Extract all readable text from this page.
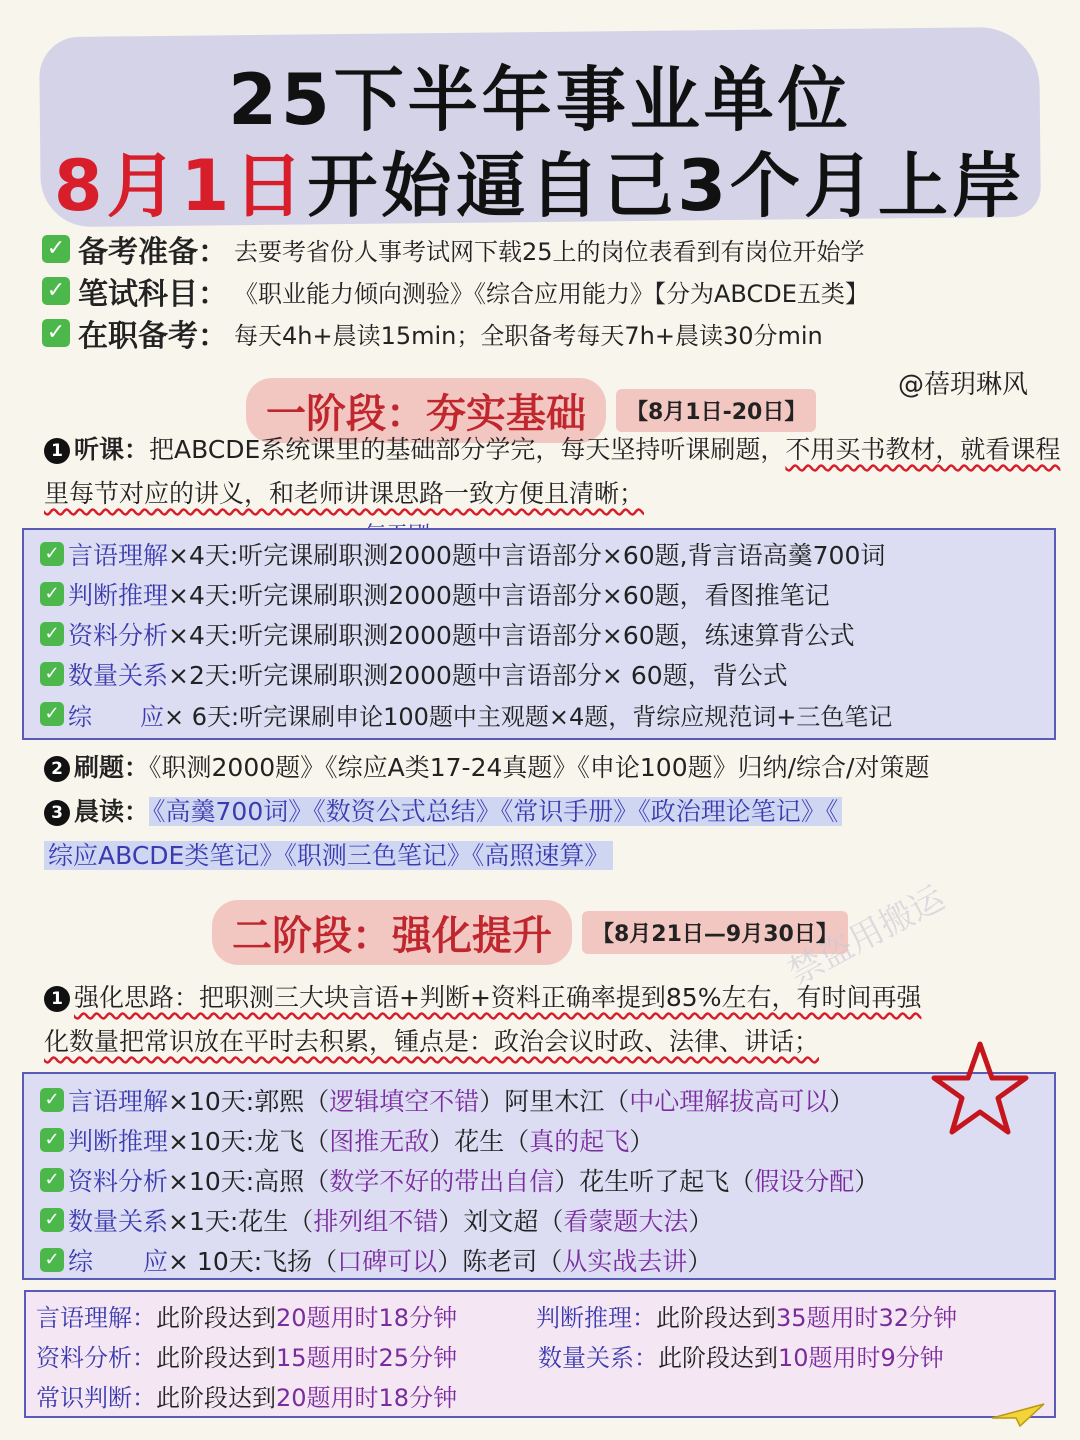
25下半年事业单位
8月1日开始逼自己3个月上岸
✓ 备考准备： 去要考省份人事考试网下载25上的岗位表看到有岗位开始学
✓ 笔试科目： 《职业能力倾向测验》《综合应用能力》【分为ABCDE五类】
✓ 在职备考： 每天4h+晨读15min；全职备考每天7h+晨读30分min
@蓓玥琳风
一阶段：夯实基础	【8月1日-20日】
1 听课：把ABCDE系统课里的基础部分学完，每天坚持听课刷题，不用买书教材，就看课程里每节对应的讲义，和老师讲课思路一致方便且清晰；
✓ 言语理解 ×4天: 听完课刷职测2000题中言语部分×60题,背言语高羹700词
✓ 判断推理 ×4天: 听完课刷职测2000题中言语部分×60题，看图推笔记
✓ 资料分析 ×4天: 听完课刷职测2000题中言语部分×60题，练速算背公式
✓ 数量关系 ×2天: 听完课刷职测2000题中言语部分× 60题，背公式
✓ 综　　应 × 6天: 听完课刷申论100题中主观题×4题，背综应规范词+三色笔记
2 刷题：《职测2000题》《综应A类17-24真题》《申论100题》归纳/综合/对策题
3 晨读： 《高羹700词》《数资公式总结》《常识手册》《政治理论笔记》《
综应ABCDE类笔记》《职测三色笔记》《高照速算》
二阶段：强化提升	【8月21日—9月30日】
禁盗用搬运
1 强化思路：把职测三大块言语+判断+资料正确率提到85%左右，有时间再强
化数量把常识放在平时去积累，锺点是：政治会议时政、法律、讲话；
✓ 言语理解 ×10天: 郭熙（ 逻辑填空不错 ）阿里木江（ 中心理解拔高可以 ）
✓ 判断推理 ×10天: 龙飞（ 图推无敌 ）花生（ 真的起飞 ）
✓ 资料分析 ×10天: 高照（ 数学不好的带出自信 ）花生听了起飞（ 假设分配 ）
✓ 数量关系 ×1天: 花生（ 排列组不错 ）刘文超（ 看蒙题大法 ）
✓ 综　　应 × 10天: 飞扬（ 口碑可以 ）陈老司（ 从实战去讲 ）
言语理解：此阶段达到20题用时18分钟	判断推理：此阶段达到35题用时32分钟
资料分析：此阶段达到15题用时25分钟	数量关系：此阶段达到10题用时9分钟
常识判断：此阶段达到20题用时18分钟
